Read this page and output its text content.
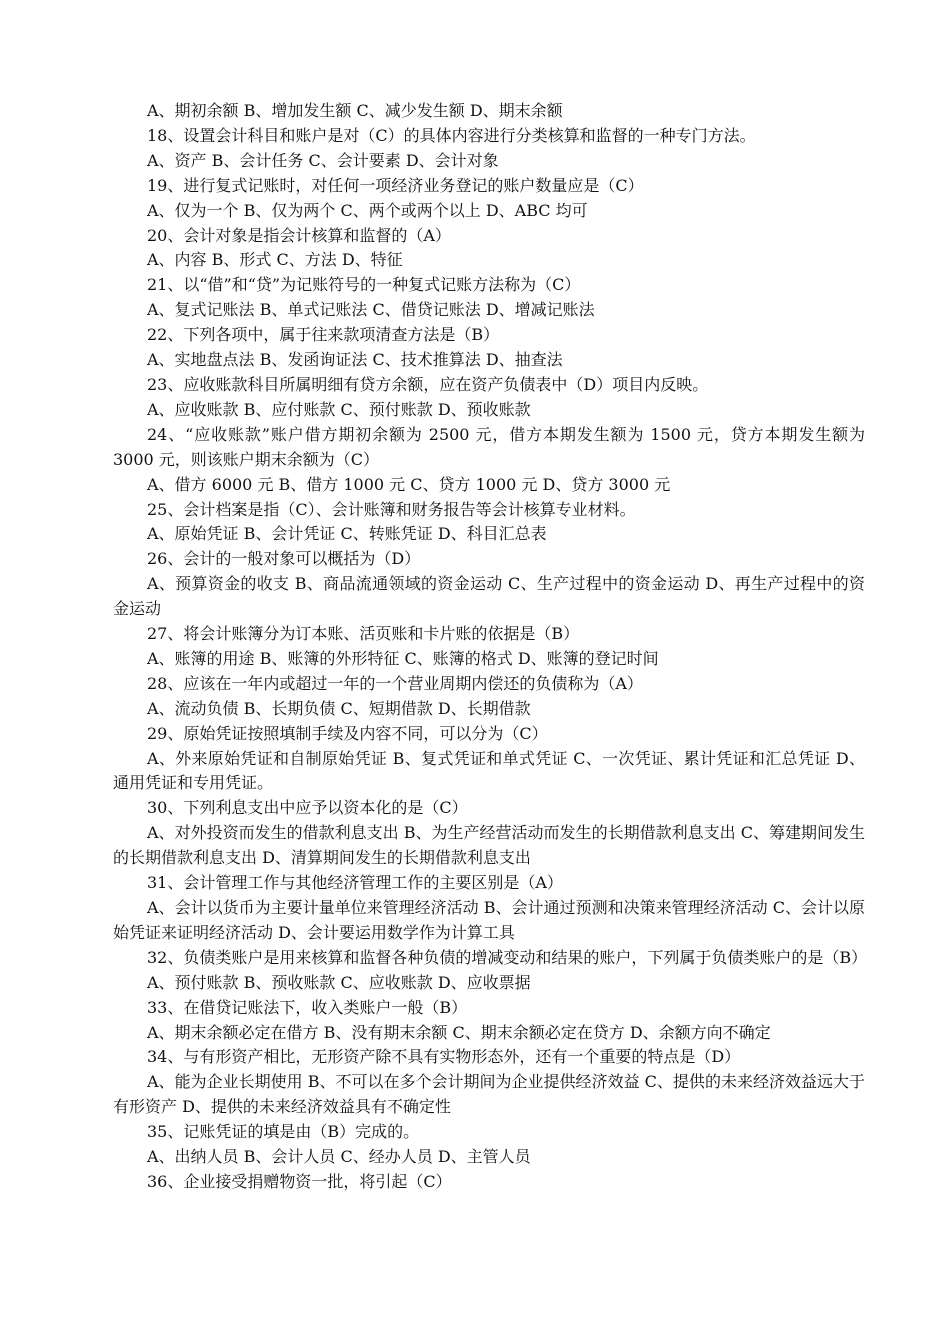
A、期初余额 B、增加发生额 C、减少发生额 D、期末余额

18、设置会计科目和账户是对（C）的具体内容进行分类核算和监督的一种专门方法。

A、资产 B、会计任务 C、会计要素 D、会计对象

19、进行复式记账时，对任何一项经济业务登记的账户数量应是（C）

A、仅为一个 B、仅为两个 C、两个或两个以上 D、ABC 均可

20、会计对象是指会计核算和监督的（A）

A、内容 B、形式 C、方法 D、特征

21、以“借”和“贷”为记账符号的一种复式记账方法称为（C）

A、复式记账法 B、单式记账法 C、借贷记账法 D、增减记账法

22、下列各项中，属于往来款项清查方法是（B）

A、实地盘点法 B、发函询证法 C、技术推算法 D、抽查法

23、应收账款科目所属明细有贷方余额，应在资产负债表中（D）项目内反映。

A、应收账款 B、应付账款 C、预付账款 D、预收账款

24、“应收账款”账户借方期初余额为 2500 元，借方本期发生额为 1500 元，贷方本期发生额为 3000 元，则该账户期末余额为（C）

A、借方 6000 元 B、借方 1000 元 C、贷方 1000 元 D、贷方 3000 元

25、会计档案是指（C）、会计账簿和财务报告等会计核算专业材料。

A、原始凭证 B、会计凭证 C、转账凭证 D、科目汇总表

26、会计的一般对象可以概括为（D）

A、预算资金的收支 B、商品流通领域的资金运动 C、生产过程中的资金运动 D、再生产过程中的资金运动

27、将会计账簿分为订本账、活页账和卡片账的依据是（B）

A、账簿的用途 B、账簿的外形特征 C、账簿的格式 D、账簿的登记时间

28、应该在一年内或超过一年的一个营业周期内偿还的负债称为（A）

A、流动负债 B、长期负债 C、短期借款 D、长期借款

29、原始凭证按照填制手续及内容不同，可以分为（C）

A、外来原始凭证和自制原始凭证 B、复式凭证和单式凭证 C、一次凭证、累计凭证和汇总凭证 D、通用凭证和专用凭证。

30、下列利息支出中应予以资本化的是（C）

A、对外投资而发生的借款利息支出 B、为生产经营活动而发生的长期借款利息支出 C、筹建期间发生的长期借款利息支出 D、清算期间发生的长期借款利息支出

31、会计管理工作与其他经济管理工作的主要区别是（A）

A、会计以货币为主要计量单位来管理经济活动 B、会计通过预测和决策来管理经济活动 C、会计以原始凭证来证明经济活动 D、会计要运用数学作为计算工具

32、负债类账户是用来核算和监督各种负债的增减变动和结果的账户，下列属于负债类账户的是（B）

A、预付账款 B、预收账款 C、应收账款 D、应收票据

33、在借贷记账法下，收入类账户一般（B）

A、期末余额必定在借方 B、没有期末余额 C、期末余额必定在贷方 D、余额方向不确定

34、与有形资产相比，无形资产除不具有实物形态外，还有一个重要的特点是（D）

A、能为企业长期使用 B、不可以在多个会计期间为企业提供经济效益 C、提供的未来经济效益远大于有形资产 D、提供的未来经济效益具有不确定性

35、记账凭证的填是由（B）完成的。

A、出纳人员 B、会计人员 C、经办人员 D、主管人员

36、企业接受捐赠物资一批，将引起（C）
